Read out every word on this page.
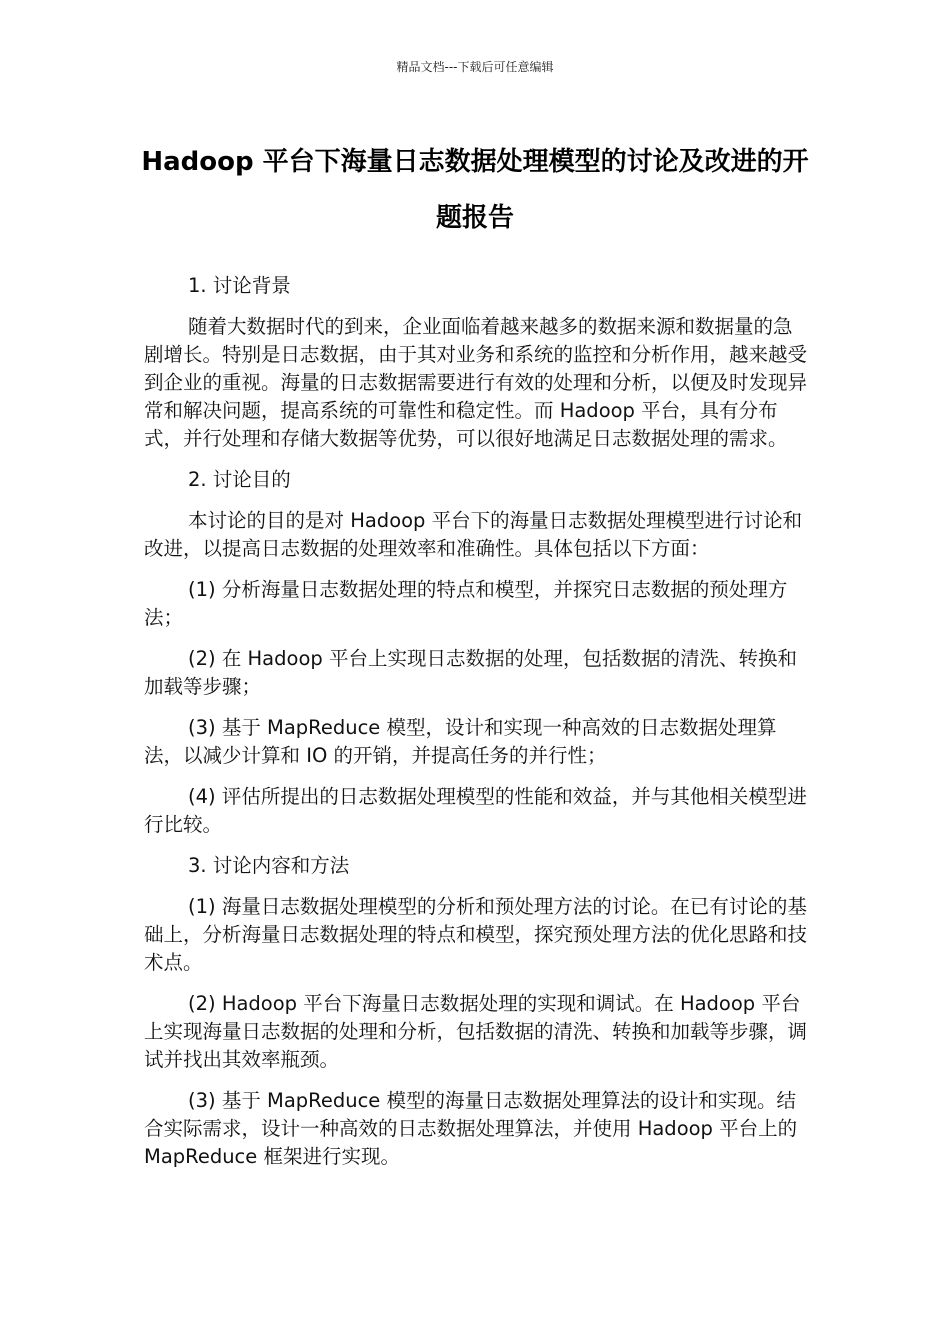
精品文档---下载后可任意编辑
Hadoop 平台下海量日志数据处理模型的讨论及改进的开题报告

1. 讨论背景

随着大数据时代的到来，企业面临着越来越多的数据来源和数据量的急剧增长。特别是日志数据，由于其对业务和系统的监控和分析作用，越来越受到企业的重视。海量的日志数据需要进行有效的处理和分析，以便及时发现异常和解决问题，提高系统的可靠性和稳定性。而 Hadoop 平台，具有分布式，并行处理和存储大数据等优势，可以很好地满足日志数据处理的需求。

2. 讨论目的

本讨论的目的是对 Hadoop 平台下的海量日志数据处理模型进行讨论和改进，以提高日志数据的处理效率和准确性。具体包括以下方面：

(1) 分析海量日志数据处理的特点和模型，并探究日志数据的预处理方法；

(2) 在 Hadoop 平台上实现日志数据的处理，包括数据的清洗、转换和加载等步骤；

(3) 基于 MapReduce 模型，设计和实现一种高效的日志数据处理算法，以减少计算和 IO 的开销，并提高任务的并行性；

(4) 评估所提出的日志数据处理模型的性能和效益，并与其他相关模型进行比较。

3. 讨论内容和方法

(1) 海量日志数据处理模型的分析和预处理方法的讨论。在已有讨论的基础上，分析海量日志数据处理的特点和模型，探究预处理方法的优化思路和技术点。

(2) Hadoop 平台下海量日志数据处理的实现和调试。在 Hadoop 平台上实现海量日志数据的处理和分析，包括数据的清洗、转换和加载等步骤，调试并找出其效率瓶颈。

(3) 基于 MapReduce 模型的海量日志数据处理算法的设计和实现。结合实际需求，设计一种高效的日志数据处理算法，并使用 Hadoop 平台上的 MapReduce 框架进行实现。
